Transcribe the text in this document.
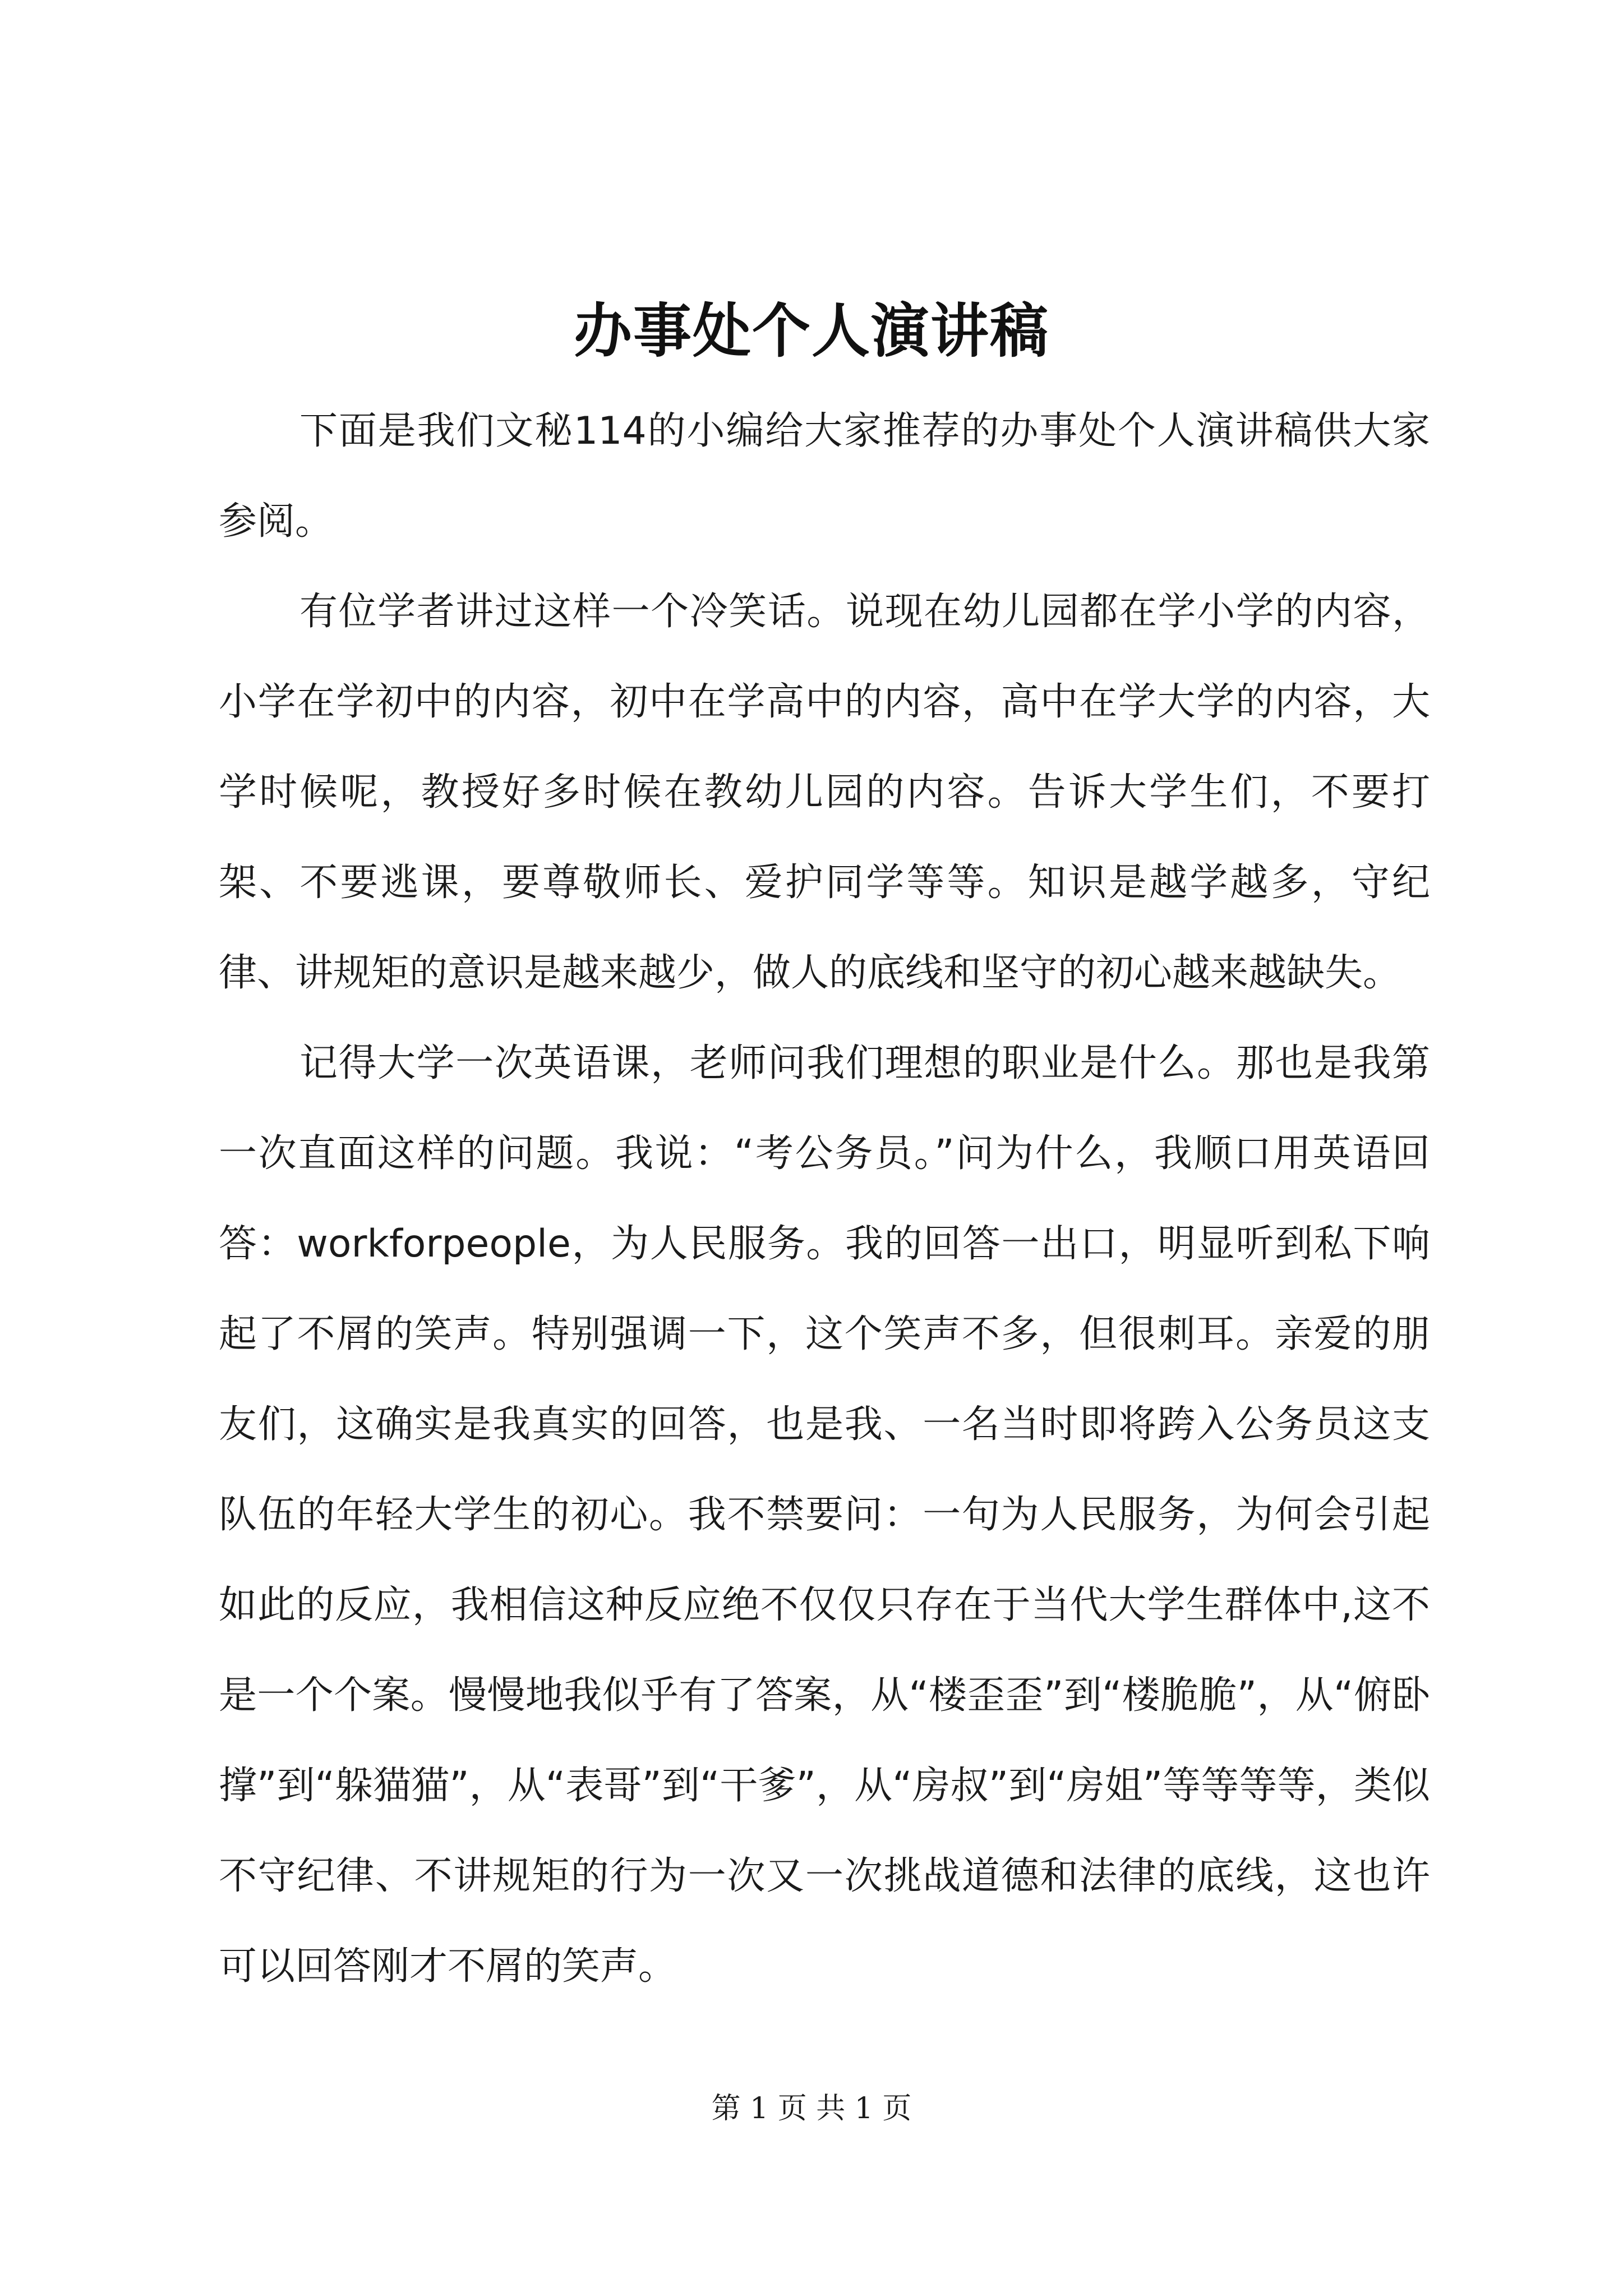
办事处个人演讲稿

下面是我们文秘114的小编给大家推荐的办事处个人演讲稿供大家参阅。

有位学者讲过这样一个冷笑话。说现在幼儿园都在学小学的内容，小学在学初中的内容，初中在学高中的内容，高中在学大学的内容，大学时候呢，教授好多时候在教幼儿园的内容。告诉大学生们，不要打架、不要逃课，要尊敬师长、爱护同学等等。知识是越学越多，守纪律、讲规矩的意识是越来越少，做人的底线和坚守的初心越来越缺失。

记得大学一次英语课，老师问我们理想的职业是什么。那也是我第一次直面这样的问题。我说：“考公务员。”问为什么，我顺口用英语回答：workforpeople，为人民服务。我的回答一出口，明显听到私下响起了不屑的笑声。特别强调一下，这个笑声不多，但很刺耳。亲爱的朋友们，这确实是我真实的回答，也是我、一名当时即将跨入公务员这支队伍的年轻大学生的初心。我不禁要问：一句为人民服务，为何会引起如此的反应，我相信这种反应绝不仅仅只存在于当代大学生群体中,这不是一个个案。慢慢地我似乎有了答案，从“楼歪歪”到“楼脆脆”，从“俯卧撑”到“躲猫猫”，从“表哥”到“干爹”，从“房叔”到“房姐”等等等等，类似不守纪律、不讲规矩的行为一次又一次挑战道德和法律的底线，这也许可以回答刚才不屑的笑声。

第 1 页 共 1 页
